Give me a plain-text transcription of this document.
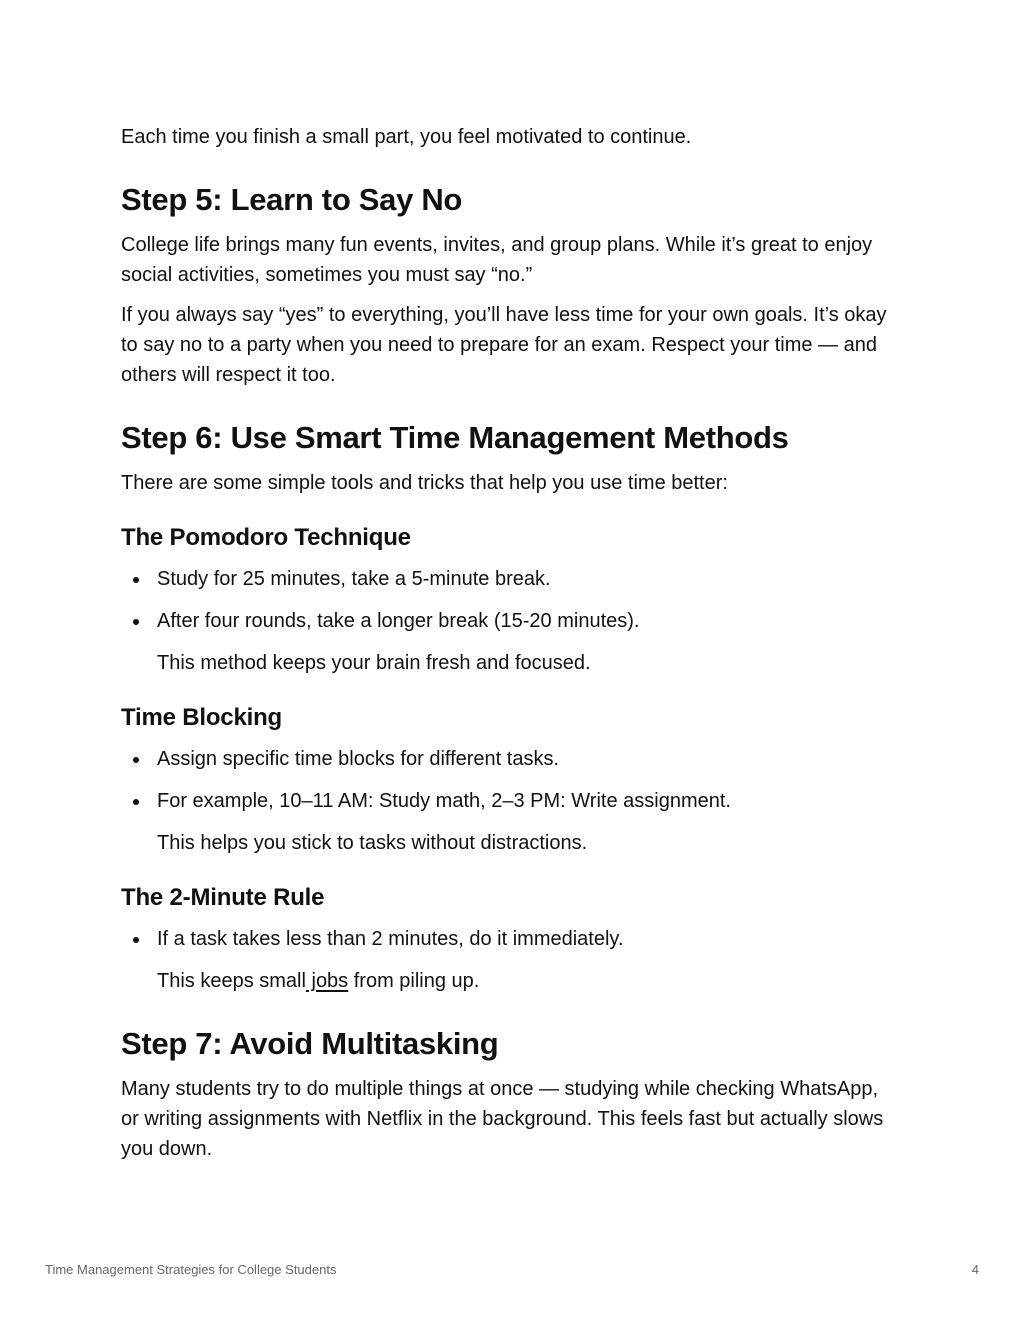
Each time you finish a small part, you feel motivated to continue.

Step 5: Learn to Say No

College life brings many fun events, invites, and group plans. While it’s great to enjoy social activities, sometimes you must say “no.”

If you always say “yes” to everything, you’ll have less time for your own goals. It’s okay to say no to a party when you need to prepare for an exam. Respect your time — and others will respect it too.

Step 6: Use Smart Time Management Methods

There are some simple tools and tricks that help you use time better:

The Pomodoro Technique
Study for 25 minutes, take a 5-minute break.
After four rounds, take a longer break (15-20 minutes).

This method keeps your brain fresh and focused.

Time Blocking
Assign specific time blocks for different tasks.
For example, 10–11 AM: Study math, 2–3 PM: Write assignment.

This helps you stick to tasks without distractions.

The 2-Minute Rule
If a task takes less than 2 minutes, do it immediately.

This keeps small jobs from piling up.

Step 7: Avoid Multitasking

Many students try to do multiple things at once — studying while checking WhatsApp, or writing assignments with Netflix in the background. This feels fast but actually slows you down.

Time Management Strategies for College Students	4
